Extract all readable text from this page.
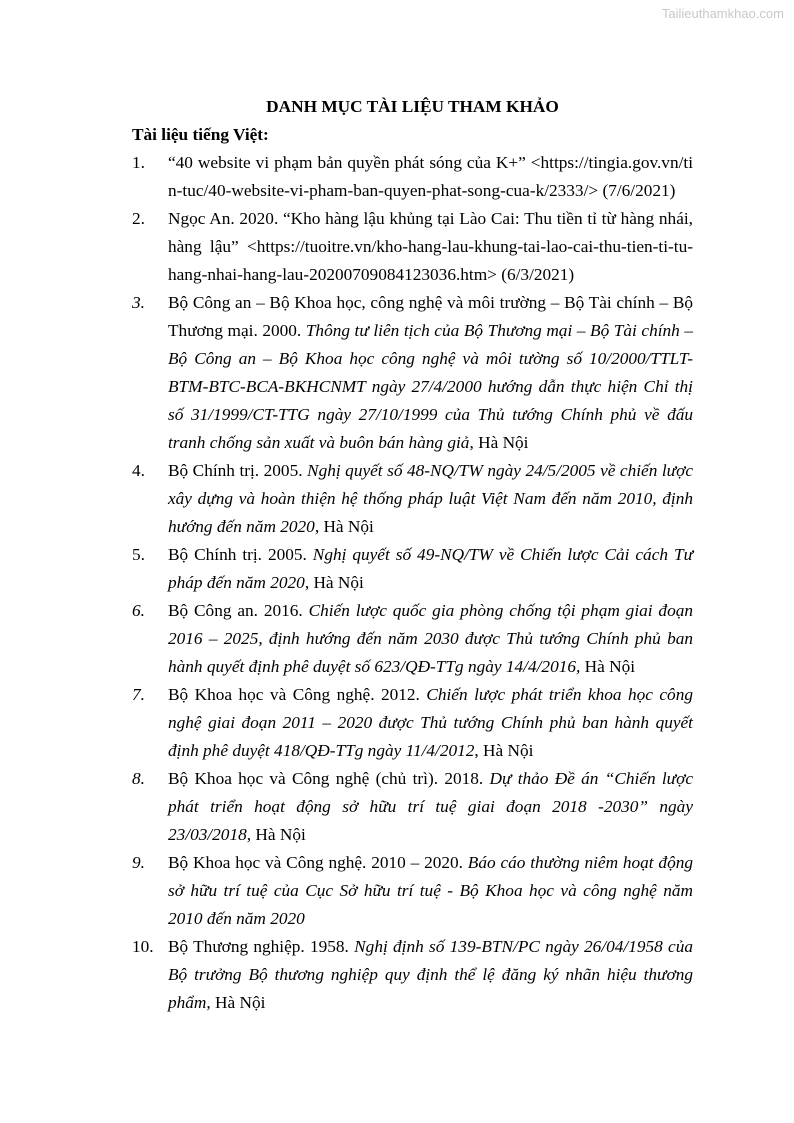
Tailieuthamkhao.com
DANH MỤC TÀI LIỆU THAM KHẢO
Tài liệu tiếng Việt:
1. “40 website vi phạm bản quyền phát sóng của K+” <https://tingia.gov.vn/tin-tuc/40-website-vi-pham-ban-quyen-phat-song-cua-k/2333/> (7/6/2021)
2. Ngọc An. 2020. “Kho hàng lậu khủng tại Lào Cai: Thu tiền tỉ từ hàng nhái, hàng lậu” <https://tuoitre.vn/kho-hang-lau-khung-tai-lao-cai-thu-tien-ti-tu-hang-nhai-hang-lau-20200709084123036.htm> (6/3/2021)
3. Bộ Công an – Bộ Khoa học, công nghệ và môi trường – Bộ Tài chính – Bộ Thương mại. 2000. Thông tư liên tịch của Bộ Thương mại – Bộ Tài chính – Bộ Công an – Bộ Khoa học công nghệ và môi tường số 10/2000/TTLT-BTM-BTC-BCA-BKHCNMT ngày 27/4/2000 hướng dẫn thực hiện Chỉ thị số 31/1999/CT-TTG ngày 27/10/1999 của Thủ tướng Chính phủ về đấu tranh chống sản xuất và buôn bán hàng giả, Hà Nội
4. Bộ Chính trị. 2005. Nghị quyết số 48-NQ/TW ngày 24/5/2005 về chiến lược xây dựng và hoàn thiện hệ thống pháp luật Việt Nam đến năm 2010, định hướng đến năm 2020, Hà Nội
5. Bộ Chính trị. 2005. Nghị quyết số 49-NQ/TW về Chiến lược Cải cách Tư pháp đến năm 2020, Hà Nội
6. Bộ Công an. 2016. Chiến lược quốc gia phòng chống tội phạm giai đoạn 2016 – 2025, định hướng đến năm 2030 được Thủ tướng Chính phủ ban hành quyết định phê duyệt số 623/QĐ-TTg ngày 14/4/2016, Hà Nội
7. Bộ Khoa học và Công nghệ. 2012. Chiến lược phát triển khoa học công nghệ giai đoạn 2011 – 2020 được Thủ tướng Chính phủ ban hành quyết định phê duyệt 418/QĐ-TTg ngày 11/4/2012, Hà Nội
8. Bộ Khoa học và Công nghệ (chủ trì). 2018. Dự thảo Đề án “Chiến lược phát triển hoạt động sở hữu trí tuệ giai đoạn 2018 -2030” ngày 23/03/2018, Hà Nội
9. Bộ Khoa học và Công nghệ. 2010 – 2020. Báo cáo thường niêm hoạt động sở hữu trí tuệ của Cục Sở hữu trí tuệ - Bộ Khoa học và công nghệ năm 2010 đến năm 2020
10. Bộ Thương nghiệp. 1958. Nghị định số 139-BTN/PC ngày 26/04/1958 của Bộ trưởng Bộ thương nghiệp quy định thể lệ đăng ký nhãn hiệu thương phẩm, Hà Nội
